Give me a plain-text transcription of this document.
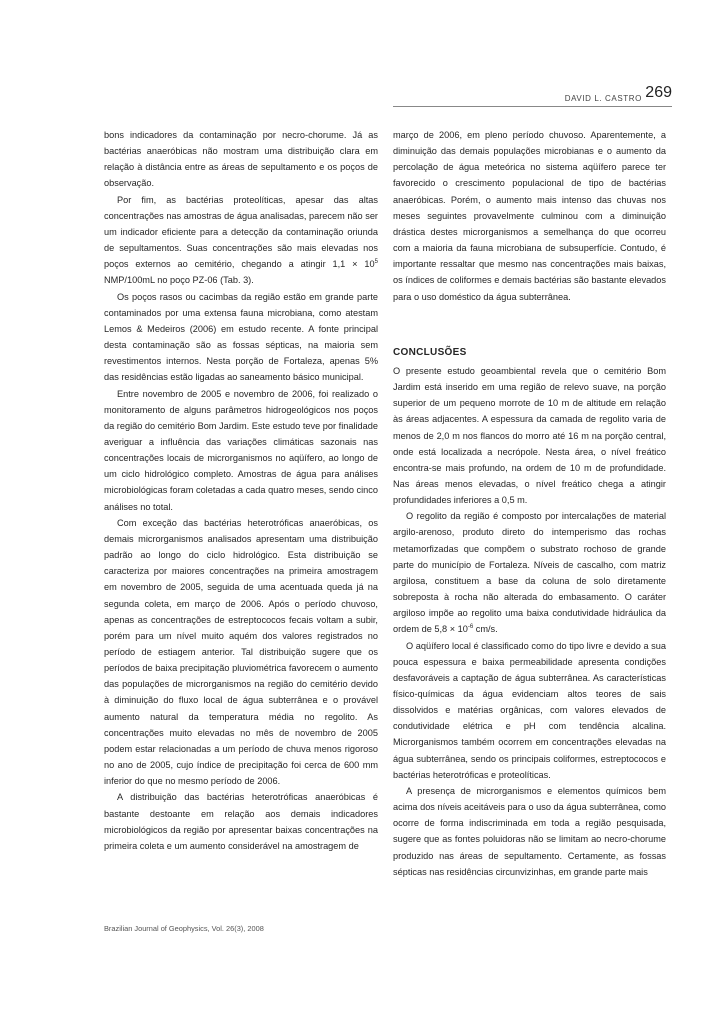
DAVID L. CASTRO 269

bons indicadores da contaminação por necro-chorume. Já as bactérias anaeróbicas não mostram uma distribuição clara em relação à distância entre as áreas de sepultamento e os poços de observação.

Por fim, as bactérias proteolíticas, apesar das altas concentrações nas amostras de água analisadas, parecem não ser um indicador eficiente para a detecção da contaminação oriunda de sepultamentos. Suas concentrações são mais elevadas nos poços externos ao cemitério, chegando a atingir $1,1 \times 10^5$ NMP/100mL no poço PZ-06 (Tab. 3).

Os poços rasos ou cacimbas da região estão em grande parte contaminados por uma extensa fauna microbiana, como atestam Lemos & Medeiros (2006) em estudo recente. A fonte principal desta contaminação são as fossas sépticas, na maioria sem revestimentos internos. Nesta porção de Fortaleza, apenas 5% das residências estão ligadas ao saneamento básico municipal.

Entre novembro de 2005 e novembro de 2006, foi realizado o monitoramento de alguns parâmetros hidrogeológicos nos poços da região do cemitério Bom Jardim. Este estudo teve por finalidade averiguar a influência das variações climáticas sazonais nas concentrações locais de microrganismos no aqüífero, ao longo de um ciclo hidrológico completo. Amostras de água para análises microbiológicas foram coletadas a cada quatro meses, sendo cinco análises no total.

Com exceção das bactérias heterotróficas anaeróbicas, os demais microrganismos analisados apresentam uma distribuição padrão ao longo do ciclo hidrológico. Esta distribuição se caracteriza por maiores concentrações na primeira amostragem em novembro de 2005, seguida de uma acentuada queda já na segunda coleta, em março de 2006. Após o período chuvoso, apenas as concentrações de estreptococos fecais voltam a subir, porém para um nível muito aquém dos valores registrados no período de estiagem anterior. Tal distribuição sugere que os períodos de baixa precipitação pluviométrica favorecem o aumento das populações de microrganismos na região do cemitério devido à diminuição do fluxo local de água subterrânea e o provável aumento natural da temperatura média no regolito. As concentrações muito elevadas no mês de novembro de 2005 podem estar relacionadas a um período de chuva menos rigoroso no ano de 2005, cujo índice de precipitação foi cerca de 600 mm inferior do que no mesmo período de 2006.

A distribuição das bactérias heterotróficas anaeróbicas é bastante destoante em relação aos demais indicadores microbiológicos da região por apresentar baixas concentrações na primeira coleta e um aumento considerável na amostragem de

março de 2006, em pleno período chuvoso. Aparentemente, a diminuição das demais populações microbianas e o aumento da percolação de água meteórica no sistema aqüífero parece ter favorecido o crescimento populacional de tipo de bactérias anaeróbicas. Porém, o aumento mais intenso das chuvas nos meses seguintes provavelmente culminou com a diminuição drástica destes microrganismos a semelhança do que ocorreu com a maioria da fauna microbiana de subsuperfície. Contudo, é importante ressaltar que mesmo nas concentrações mais baixas, os índices de coliformes e demais bactérias são bastante elevados para o uso doméstico da água subterrânea.

CONCLUSÕES

O presente estudo geoambiental revela que o cemitério Bom Jardim está inserido em uma região de relevo suave, na porção superior de um pequeno morrote de 10 m de altitude em relação às áreas adjacentes. A espessura da camada de regolito varia de menos de 2,0 m nos flancos do morro até 16 m na porção central, onde está localizada a necrópole. Nesta área, o nível freático encontra-se mais profundo, na ordem de 10 m de profundidade. Nas áreas menos elevadas, o nível freático chega a atingir profundidades inferiores a 0,5 m.

O regolito da região é composto por intercalações de material argilo-arenoso, produto direto do intemperismo das rochas metamorfizadas que compõem o substrato rochoso de grande parte do município de Fortaleza. Níveis de cascalho, com matriz argilosa, constituem a base da coluna de solo diretamente sobreposta à rocha não alterada do embasamento. O caráter argiloso impõe ao regolito uma baixa condutividade hidráulica da ordem de $5,8 \times 10^{-6}$ cm/s.

O aqüífero local é classificado como do tipo livre e devido a sua pouca espessura e baixa permeabilidade apresenta condições desfavoráveis a captação de água subterrânea. As características físico-químicas da água evidenciam altos teores de sais dissolvidos e matérias orgânicas, com valores elevados de condutividade elétrica e pH com tendência alcalina. Microrganismos também ocorrem em concentrações elevadas na água subterrânea, sendo os principais coliformes, estreptococos e bactérias heterotróficas e proteolíticas.

A presença de microrganismos e elementos químicos bem acima dos níveis aceitáveis para o uso da água subterrânea, como ocorre de forma indiscriminada em toda a região pesquisada, sugere que as fontes poluidoras não se limitam ao necro-chorume produzido nas áreas de sepultamento. Certamente, as fossas sépticas nas residências circunvizinhas, em grande parte mais

Brazilian Journal of Geophysics, Vol. 26(3), 2008
